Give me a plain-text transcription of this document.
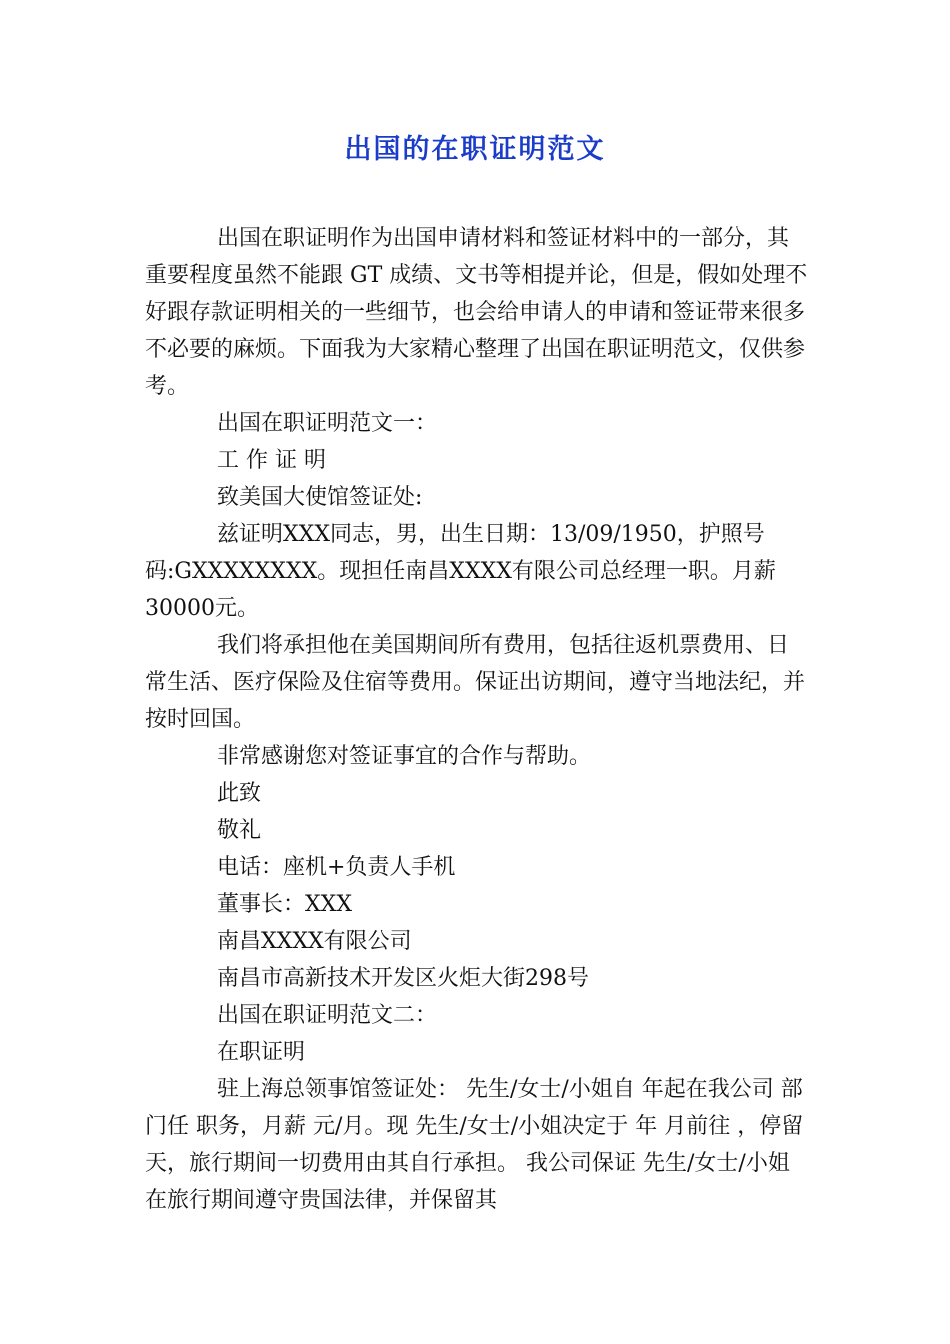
出国的在职证明范文

出国在职证明作为出国申请材料和签证材料中的一部分，其重要程度虽然不能跟 GT 成绩、文书等相提并论，但是，假如处理不好跟存款证明相关的一些细节，也会给申请人的申请和签证带来很多不必要的麻烦。下面我为大家精心整理了出国在职证明范文，仅供参考。

出国在职证明范文一：

工 作 证 明

致美国大使馆签证处:

兹证明XXX同志，男，出生日期：13/09/1950，护照号码:GXXXXXXXX。现担任南昌XXXX有限公司总经理一职。月薪30000元。

我们将承担他在美国期间所有费用，包括往返机票费用、日常生活、医疗保险及住宿等费用。保证出访期间，遵守当地法纪，并按时回国。

非常感谢您对签证事宜的合作与帮助。

此致

敬礼

电话：座机+负责人手机

董事长：XXX

南昌XXXX有限公司

南昌市高新技术开发区火炬大街298号

出国在职证明范文二：

在职证明

驻上海总领事馆签证处： 先生/女士/小姐自 年起在我公司 部门任 职务，月薪 元/月。现 先生/女士/小姐决定于 年 月前往 ，停留 天，旅行期间一切费用由其自行承担。 我公司保证 先生/女士/小姐在旅行期间遵守贵国法律，并保留其
